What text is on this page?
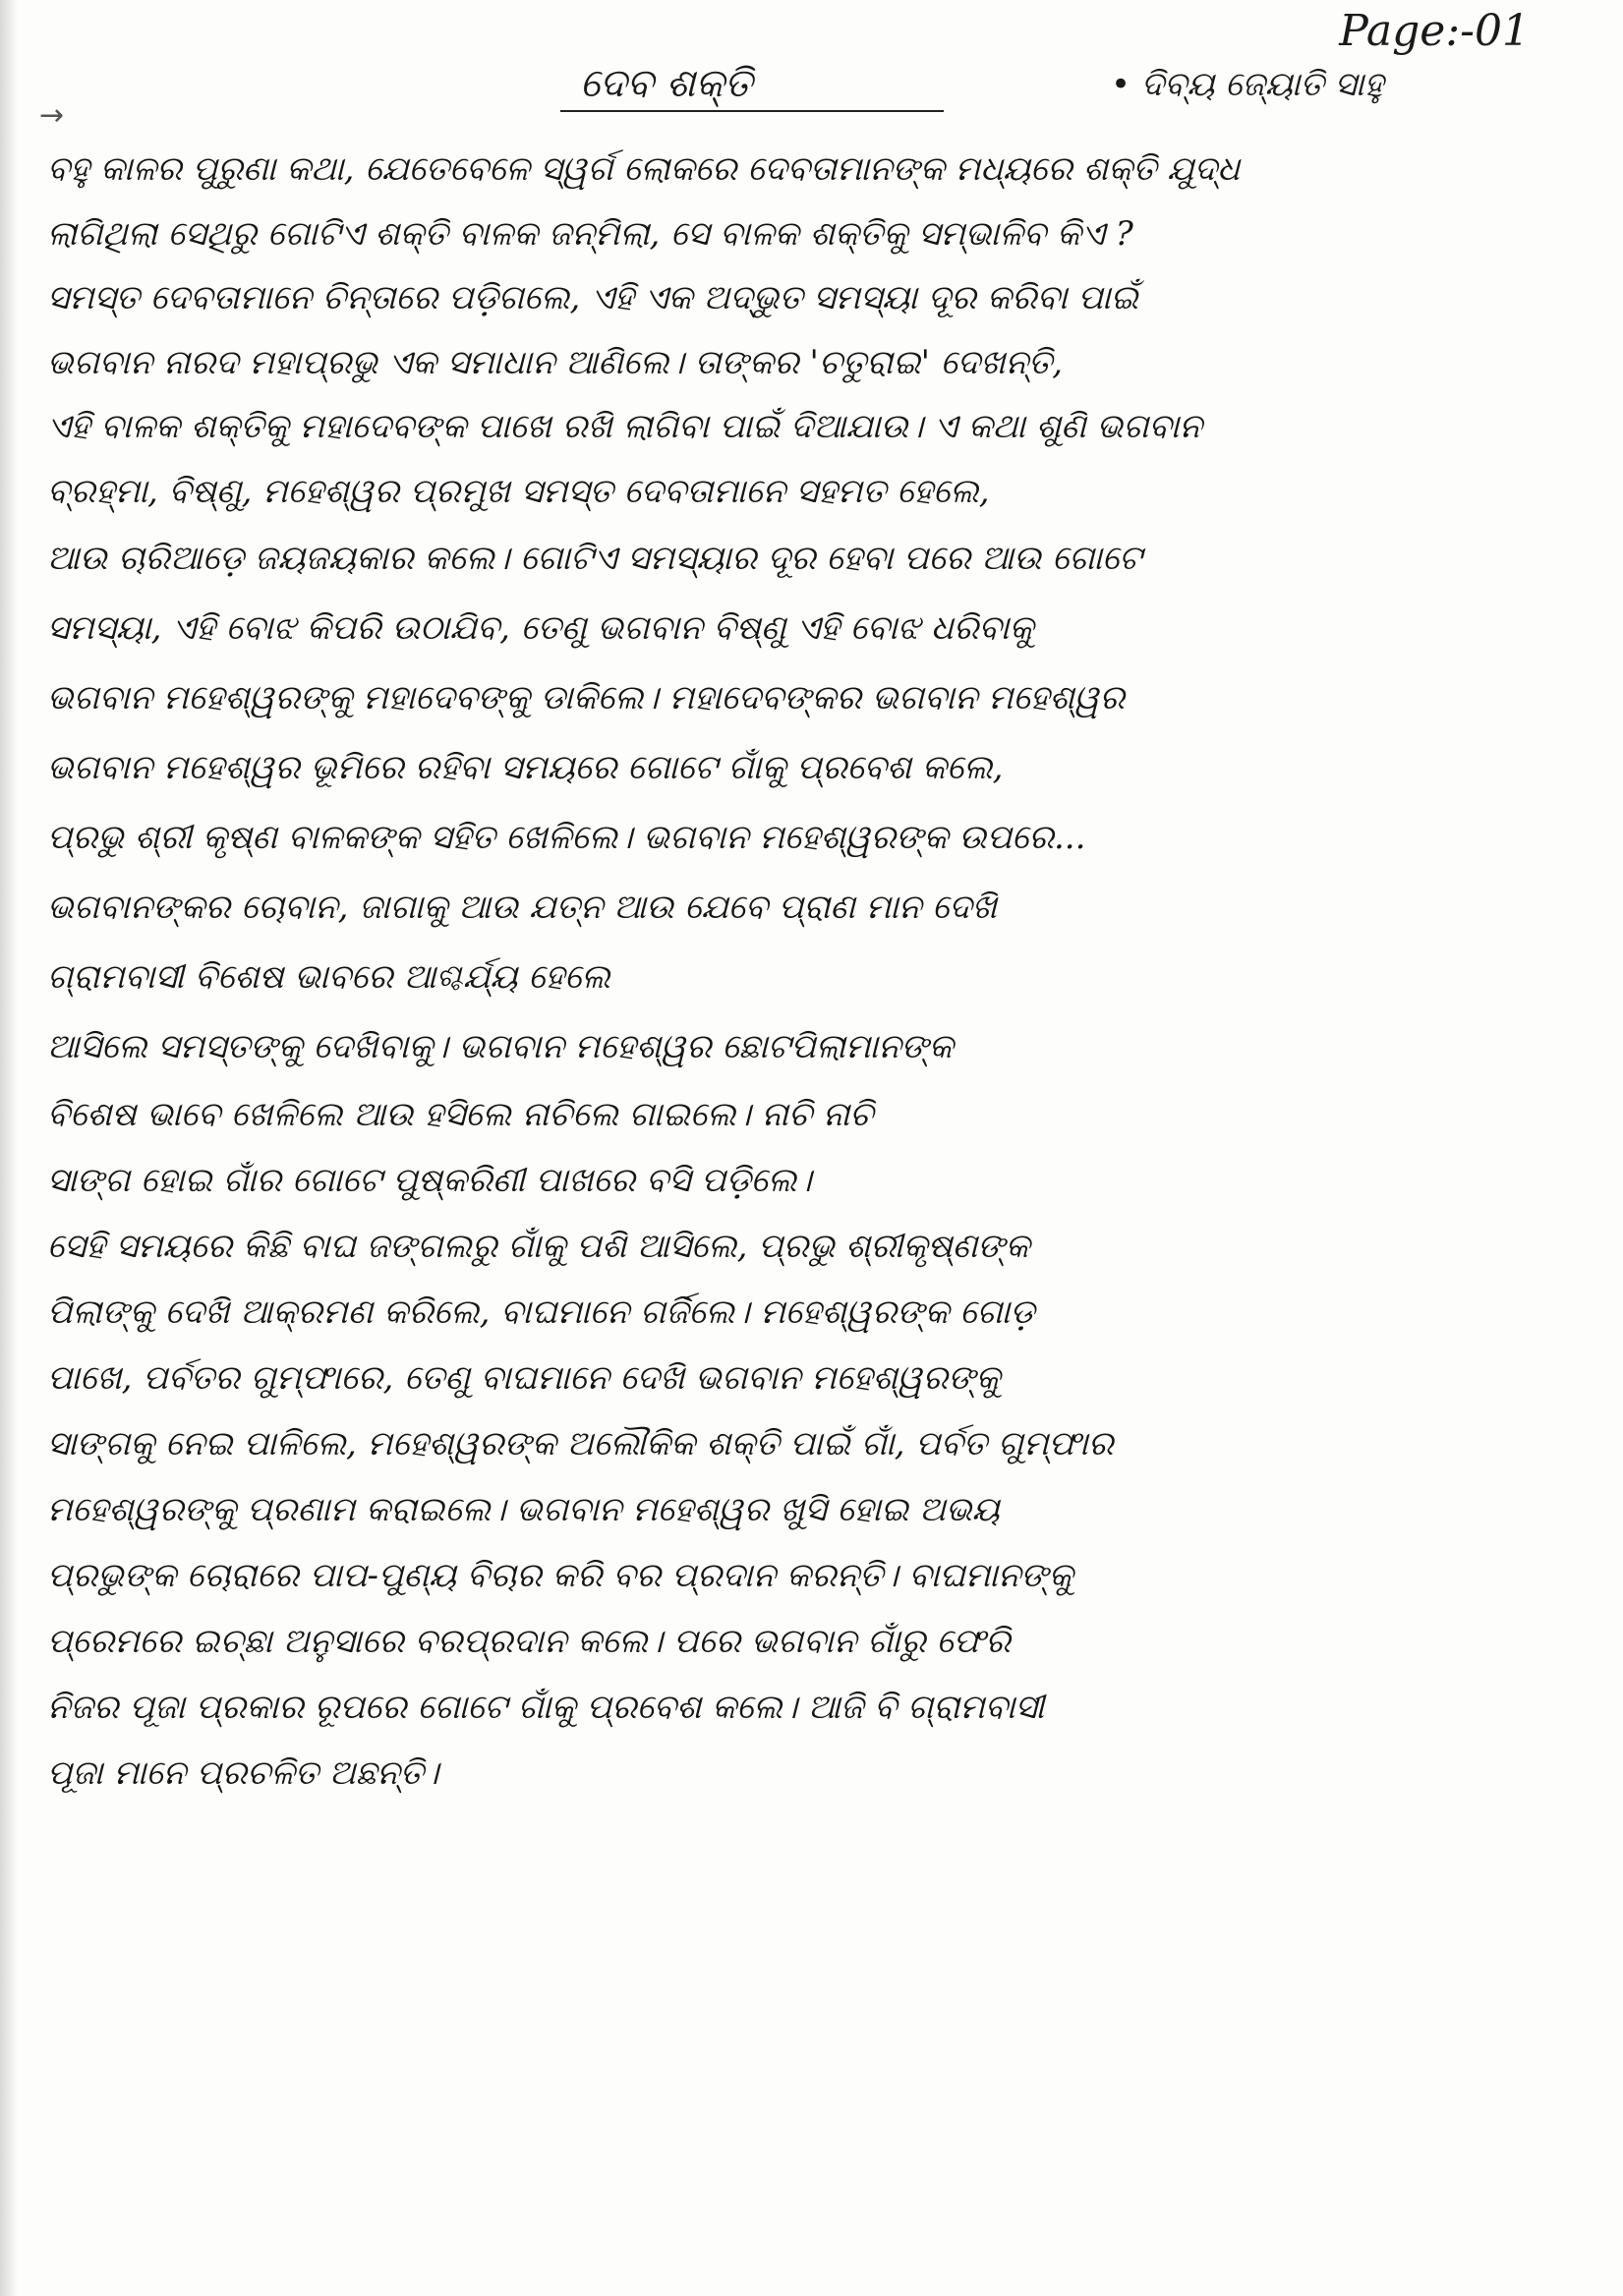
→
Page:-01
ଦେବ ଶକ୍ତି	• ଦିବ୍ୟ ଜ୍ୟୋତି ସାହୁ
ବହୁ କାଳର ପୁରୁଣା କଥା, ଯେତେବେଳେ ସ୍ୱର୍ଗ ଲୋକରେ ଦେବତାମାନଙ୍କ ମଧ୍ୟରେ ଶକ୍ତି ଯୁଦ୍ଧ
ଲାଗିଥିଲା ସେଥିରୁ ଗୋଟିଏ ଶକ୍ତି ବାଳକ ଜନ୍ମିଲା, ସେ ବାଳକ ଶକ୍ତିକୁ ସମ୍ଭାଳିବ କିଏ ?
ସମସ୍ତ ଦେବତାମାନେ ଚିନ୍ତାରେ ପଡ଼ିଗଲେ, ଏହି ଏକ ଅଦ୍ଭୁତ ସମସ୍ୟା ଦୂର କରିବା ପାଇଁ
ଭଗବାନ ନାରଦ ମହାପ୍ରଭୁ ଏକ ସମାଧାନ ଆଣିଲେ। ତାଙ୍କର 'ଚତୁରାଇ' ଦେଖନ୍ତି,
ଏହି ବାଳକ ଶକ୍ତିକୁ ମହାଦେବଙ୍କ ପାଖେ ରଖି ଲାଗିବା ପାଇଁ ଦିଆଯାଉ। ଏ କଥା ଶୁଣି ଭଗବାନ
ବ୍ରହ୍ମା, ବିଷ୍ଣୁ, ମହେଶ୍ୱର ପ୍ରମୁଖ ସମସ୍ତ ଦେବତାମାନେ ସହମତ ହେଲେ,
ଆଉ ଚାରିଆଡ଼େ ଜୟଜୟକାର କଲେ। ଗୋଟିଏ ସମସ୍ୟାର ଦୂର ହେବା ପରେ ଆଉ ଗୋଟେ
ସମସ୍ୟା, ଏହି ବୋଝ କିପରି ଉଠାଯିବ, ତେଣୁ ଭଗବାନ ବିଷ୍ଣୁ ଏହି ବୋଝ ଧରିବାକୁ
ଭଗବାନ ମହେଶ୍ୱରଙ୍କୁ ମହାଦେବଙ୍କୁ ଡାକିଲେ। ମହାଦେବଙ୍କର ଭଗବାନ ମହେଶ୍ୱର
ଭଗବାନ ମହେଶ୍ୱର ଭୂମିରେ ରହିବା ସମୟରେ ଗୋଟେ ଗାଁକୁ ପ୍ରବେଶ କଲେ,
ପ୍ରଭୁ ଶ୍ରୀ କୃଷ୍ଣ ବାଳକଙ୍କ ସହିତ ଖେଳିଲେ। ଭଗବାନ ମହେଶ୍ୱରଙ୍କ ଉପରେ...
ଭଗବାନଙ୍କର ଚୋବାନ, ଜାଗାକୁ ଆଉ ଯତ୍ନ ଆଉ ଯେବେ ପ୍ରାଣ ମାନ ଦେଖି
ଗ୍ରାମବାସୀ ବିଶେଷ ଭାବରେ ଆଶ୍ଚର୍ଯ୍ୟ ହେଲେ
ଆସିଲେ ସମସ୍ତଙ୍କୁ ଦେଖିବାକୁ। ଭଗବାନ ମହେଶ୍ୱର ଛୋଟପିଲାମାନଙ୍କ
ବିଶେଷ ଭାବେ ଖେଳିଲେ ଆଉ ହସିଲେ ନାଚିଲେ ଗାଇଲେ। ନାଚି ନାଚି
ସାଙ୍ଗ ହୋଇ ଗାଁର ଗୋଟେ ପୁଷ୍କରିଣୀ ପାଖରେ ବସି ପଡ଼ିଲେ।
ସେହି ସମୟରେ କିଛି ବାଘ ଜଙ୍ଗଲରୁ ଗାଁକୁ ପଶି ଆସିଲେ, ପ୍ରଭୁ ଶ୍ରୀକୃଷ୍ଣଙ୍କ
ପିଲାଙ୍କୁ ଦେଖି ଆକ୍ରମଣ କରିଲେ, ବାଘମାନେ ଗର୍ଜିଲେ। ମହେଶ୍ୱରଙ୍କ ଗୋଡ଼
ପାଖେ, ପର୍ବତର ଗୁମ୍ଫାରେ, ତେଣୁ ବାଘମାନେ ଦେଖି ଭଗବାନ ମହେଶ୍ୱରଙ୍କୁ
ସାଙ୍ଗକୁ ନେଇ ପାଳିଲେ, ମହେଶ୍ୱରଙ୍କ ଅଲୌକିକ ଶକ୍ତି ପାଇଁ ଗାଁ, ପର୍ବତ ଗୁମ୍ଫାର
ମହେଶ୍ୱରଙ୍କୁ ପ୍ରଣାମ କରାଇଲେ। ଭଗବାନ ମହେଶ୍ୱର ଖୁସି ହୋଇ ଅଭୟ
ପ୍ରଭୁଙ୍କ ଚୋରାରେ ପାପ-ପୁଣ୍ୟ ବିଚାର କରି ବର ପ୍ରଦାନ କରନ୍ତି। ବାଘମାନଙ୍କୁ
ପ୍ରେମରେ ଇଚ୍ଛା ଅନୁସାରେ ବରପ୍ରଦାନ କଲେ। ପରେ ଭଗବାନ ଗାଁରୁ ଫେରି
ନିଜର ପୂଜା ପ୍ରକାର ରୂପରେ ଗୋଟେ ଗାଁକୁ ପ୍ରବେଶ କଲେ। ଆଜି ବି ଗ୍ରାମବାସୀ
ପୂଜା ମାନେ ପ୍ରଚଳିତ ଅଛନ୍ତି।
